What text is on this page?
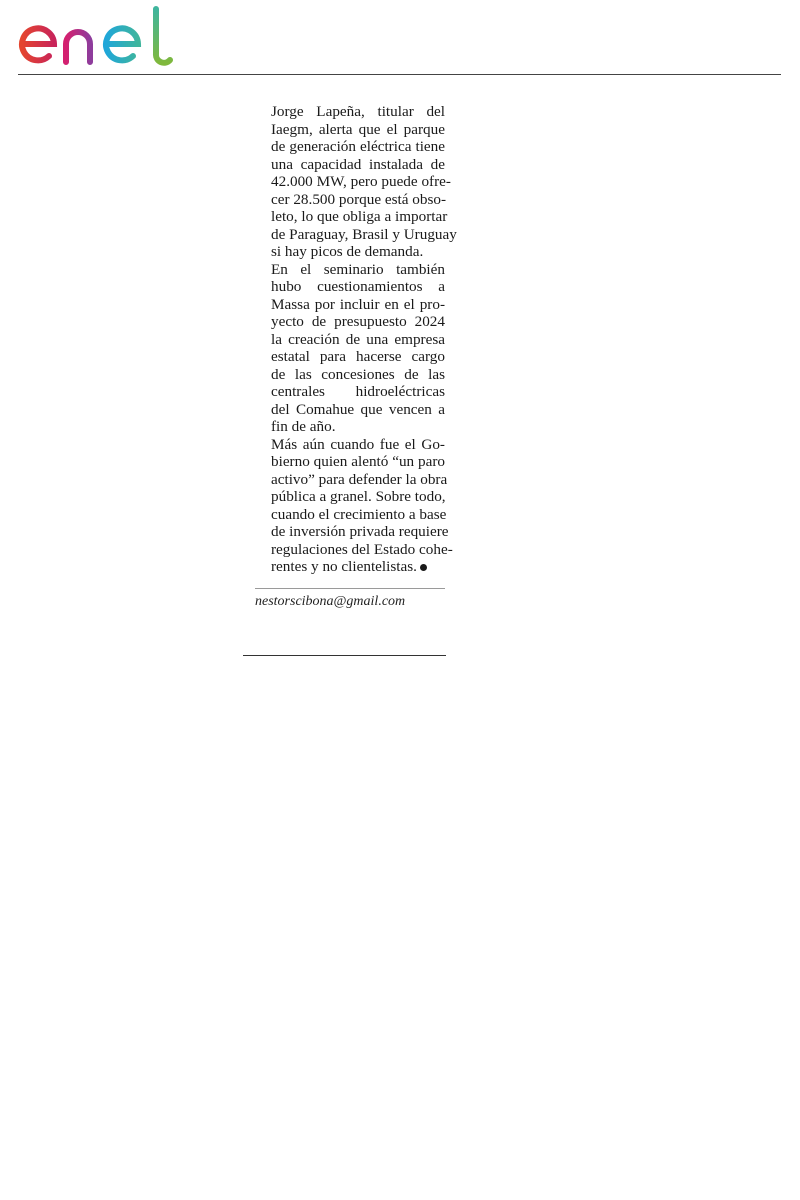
Jorge Lapeña, titular del
Iaegm, alerta que el parque
de generación eléctrica tiene
una capacidad instalada de
42.000 MW, pero puede ofre-
cer 28.500 porque está obso-
leto, lo que obliga a importar
de Paraguay, Brasil y Uruguay
si hay picos de demanda.

En el seminario también
hubo cuestionamientos a
Massa por incluir en el pro-
yecto de presupuesto 2024
la creación de una empresa
estatal para hacerse cargo
de las concesiones de las
centrales hidroeléctricas
del Comahue que vencen a
fin de año.

Más aún cuando fue el Go-
bierno quien alentó “un paro
activo” para defender la obra
pública a granel. Sobre todo,
cuando el crecimiento a base
de inversión privada requiere
regulaciones del Estado cohe-
rentes y no clientelistas.

nestorscibona@gmail.com
